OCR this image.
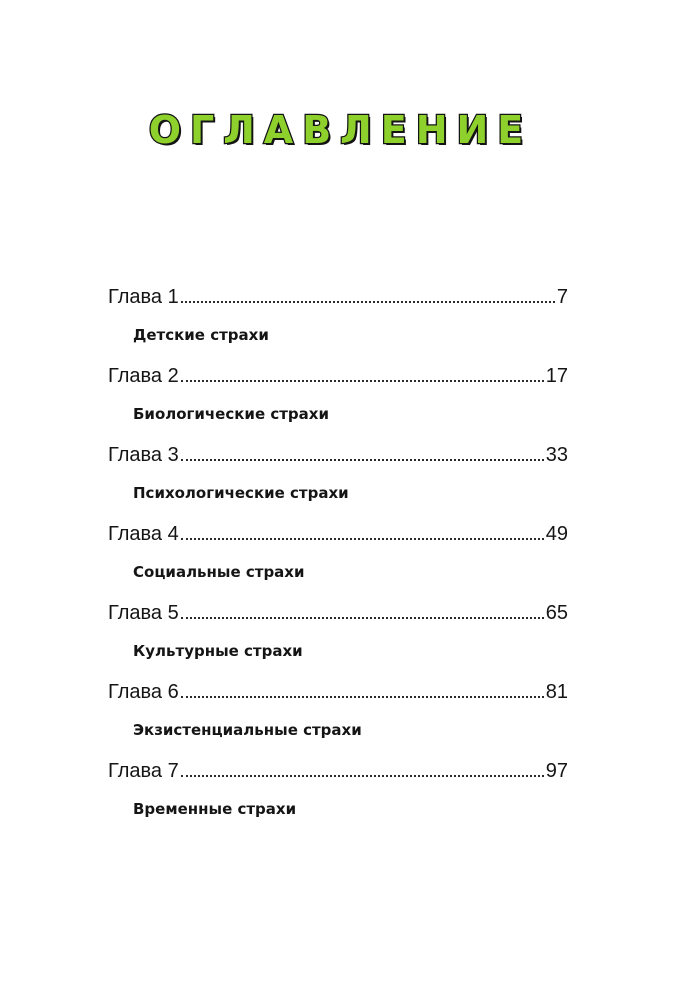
ОГЛАВЛЕНИЕ
Глава 1	7
Детские страхи
Глава 2	17
Биологические страхи
Глава 3	33
Психологические страхи
Глава 4	49
Социальные страхи
Глава 5	65
Культурные страхи
Глава 6	81
Экзистенциальные страхи
Глава 7	97
Временные страхи
